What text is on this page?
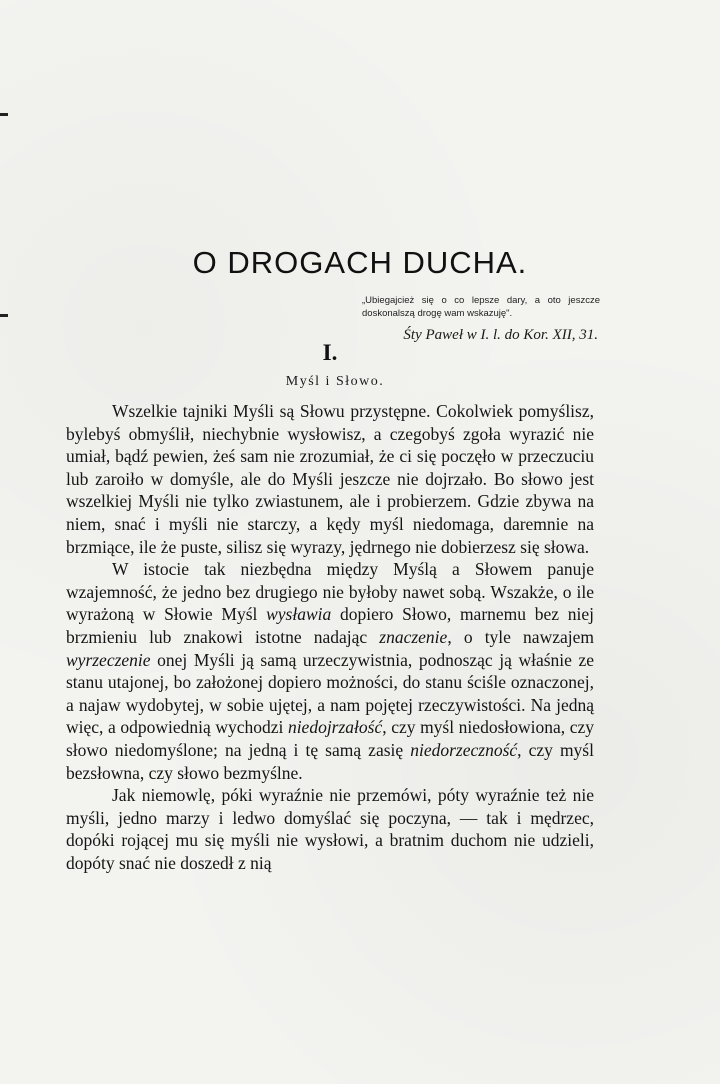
O DROGACH DUCHA.
„Ubiegajcież się o co lepsze dary, a oto jeszcze doskonalszą drogę wam wskazuję".
Śty Paweł w I. l. do Kor. XII, 31.
I.
Myśl i Słowo.

Wszelkie tajniki Myśli są Słowu przystępne. Cokolwiek pomyślisz, bylebyś obmyślił, niechybnie wysłowisz, a czegobyś zgoła wyrazić nie umiał, bądź pewien, żeś sam nie zrozumiał, że ci się poczęło w przeczuciu lub zaroiło w domyśle, ale do Myśli jeszcze nie dojrzało. Bo słowo jest wszelkiej Myśli nie tylko zwiastunem, ale i probierzem. Gdzie zbywa na niem, snać i myśli nie starczy, a kędy myśl niedomaga, daremnie na brzmiące, ile że puste, silisz się wyrazy, jędrnego nie dobierzesz się słowa.

W istocie tak niezbędna między Myślą a Słowem panuje wzajemność, że jedno bez drugiego nie byłoby nawet sobą. Wszakże, o ile wyrażoną w Słowie Myśl wysławia dopiero Słowo, marnemu bez niej brzmieniu lub znakowi istotne nadając znaczenie, o tyle nawzajem wyrzeczenie onej Myśli ją samą urzeczywistnia, podnosząc ją właśnie ze stanu utajonej, bo założonej dopiero możności, do stanu ściśle oznaczonej, a najaw wydobytej, w sobie ujętej, a nam pojętej rzeczywistości. Na jedną więc, a odpowiednią wychodzi niedojrzałość, czy myśl niedosłowiona, czy słowo niedomyślone; na jedną i tę samą zasię niedorzeczność, czy myśl bezsłowna, czy słowo bezmyślne.

Jak niemowlę, póki wyraźnie nie przemówi, póty wyraźnie też nie myśli, jedno marzy i ledwo domyślać się poczyna, — tak i mędrzec, dopóki rojącej mu się myśli nie wysłowi, a bratnim duchom nie udzieli, dopóty snać nie doszedł z nią
